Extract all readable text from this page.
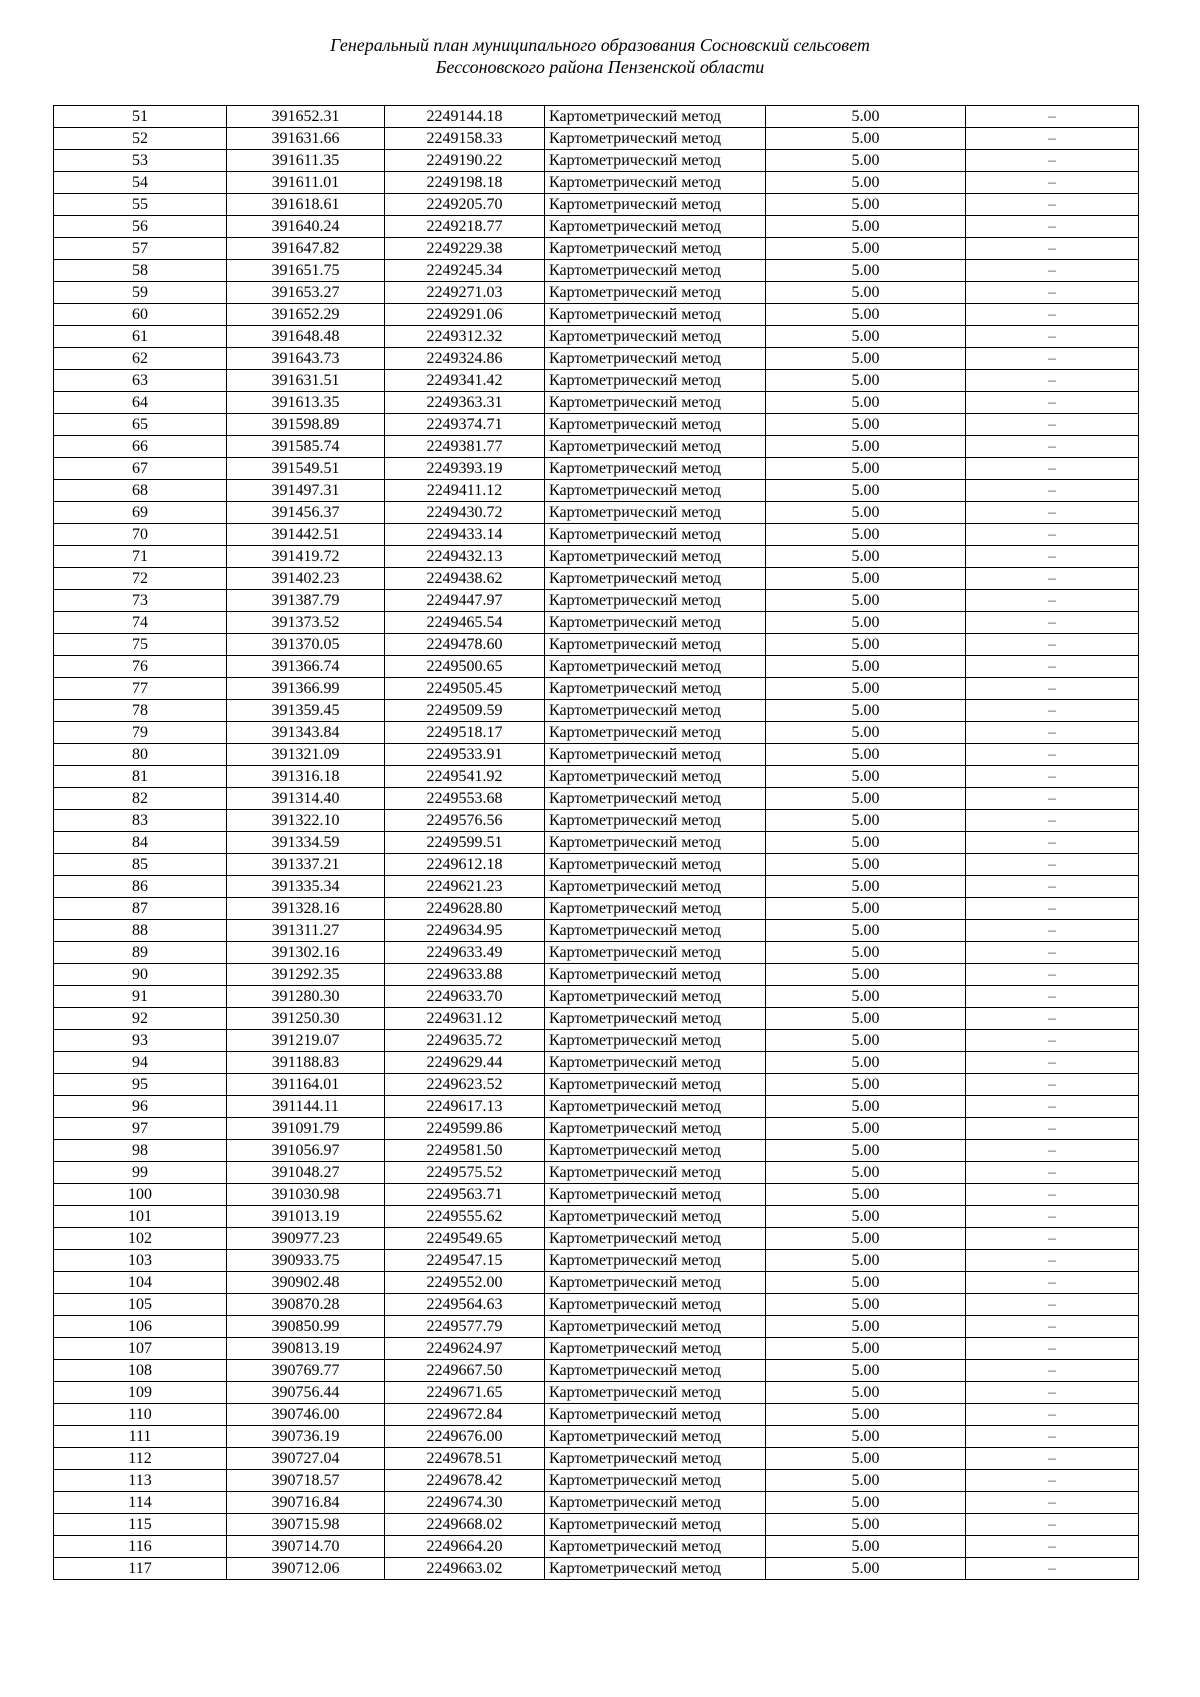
Генеральный план муниципального образования Сосновский сельсовет
Бессоновского района Пензенской области
51	391652.31	2249144.18	Картометрический метод	5.00	–
52	391631.66	2249158.33	Картометрический метод	5.00	–
53	391611.35	2249190.22	Картометрический метод	5.00	–
54	391611.01	2249198.18	Картометрический метод	5.00	–
55	391618.61	2249205.70	Картометрический метод	5.00	–
56	391640.24	2249218.77	Картометрический метод	5.00	–
57	391647.82	2249229.38	Картометрический метод	5.00	–
58	391651.75	2249245.34	Картометрический метод	5.00	–
59	391653.27	2249271.03	Картометрический метод	5.00	–
60	391652.29	2249291.06	Картометрический метод	5.00	–
61	391648.48	2249312.32	Картометрический метод	5.00	–
62	391643.73	2249324.86	Картометрический метод	5.00	–
63	391631.51	2249341.42	Картометрический метод	5.00	–
64	391613.35	2249363.31	Картометрический метод	5.00	–
65	391598.89	2249374.71	Картометрический метод	5.00	–
66	391585.74	2249381.77	Картометрический метод	5.00	–
67	391549.51	2249393.19	Картометрический метод	5.00	–
68	391497.31	2249411.12	Картометрический метод	5.00	–
69	391456.37	2249430.72	Картометрический метод	5.00	–
70	391442.51	2249433.14	Картометрический метод	5.00	–
71	391419.72	2249432.13	Картометрический метод	5.00	–
72	391402.23	2249438.62	Картометрический метод	5.00	–
73	391387.79	2249447.97	Картометрический метод	5.00	–
74	391373.52	2249465.54	Картометрический метод	5.00	–
75	391370.05	2249478.60	Картометрический метод	5.00	–
76	391366.74	2249500.65	Картометрический метод	5.00	–
77	391366.99	2249505.45	Картометрический метод	5.00	–
78	391359.45	2249509.59	Картометрический метод	5.00	–
79	391343.84	2249518.17	Картометрический метод	5.00	–
80	391321.09	2249533.91	Картометрический метод	5.00	–
81	391316.18	2249541.92	Картометрический метод	5.00	–
82	391314.40	2249553.68	Картометрический метод	5.00	–
83	391322.10	2249576.56	Картометрический метод	5.00	–
84	391334.59	2249599.51	Картометрический метод	5.00	–
85	391337.21	2249612.18	Картометрический метод	5.00	–
86	391335.34	2249621.23	Картометрический метод	5.00	–
87	391328.16	2249628.80	Картометрический метод	5.00	–
88	391311.27	2249634.95	Картометрический метод	5.00	–
89	391302.16	2249633.49	Картометрический метод	5.00	–
90	391292.35	2249633.88	Картометрический метод	5.00	–
91	391280.30	2249633.70	Картометрический метод	5.00	–
92	391250.30	2249631.12	Картометрический метод	5.00	–
93	391219.07	2249635.72	Картометрический метод	5.00	–
94	391188.83	2249629.44	Картометрический метод	5.00	–
95	391164.01	2249623.52	Картометрический метод	5.00	–
96	391144.11	2249617.13	Картометрический метод	5.00	–
97	391091.79	2249599.86	Картометрический метод	5.00	–
98	391056.97	2249581.50	Картометрический метод	5.00	–
99	391048.27	2249575.52	Картометрический метод	5.00	–
100	391030.98	2249563.71	Картометрический метод	5.00	–
101	391013.19	2249555.62	Картометрический метод	5.00	–
102	390977.23	2249549.65	Картометрический метод	5.00	–
103	390933.75	2249547.15	Картометрический метод	5.00	–
104	390902.48	2249552.00	Картометрический метод	5.00	–
105	390870.28	2249564.63	Картометрический метод	5.00	–
106	390850.99	2249577.79	Картометрический метод	5.00	–
107	390813.19	2249624.97	Картометрический метод	5.00	–
108	390769.77	2249667.50	Картометрический метод	5.00	–
109	390756.44	2249671.65	Картометрический метод	5.00	–
110	390746.00	2249672.84	Картометрический метод	5.00	–
111	390736.19	2249676.00	Картометрический метод	5.00	–
112	390727.04	2249678.51	Картометрический метод	5.00	–
113	390718.57	2249678.42	Картометрический метод	5.00	–
114	390716.84	2249674.30	Картометрический метод	5.00	–
115	390715.98	2249668.02	Картометрический метод	5.00	–
116	390714.70	2249664.20	Картометрический метод	5.00	–
117	390712.06	2249663.02	Картометрический метод	5.00	–
